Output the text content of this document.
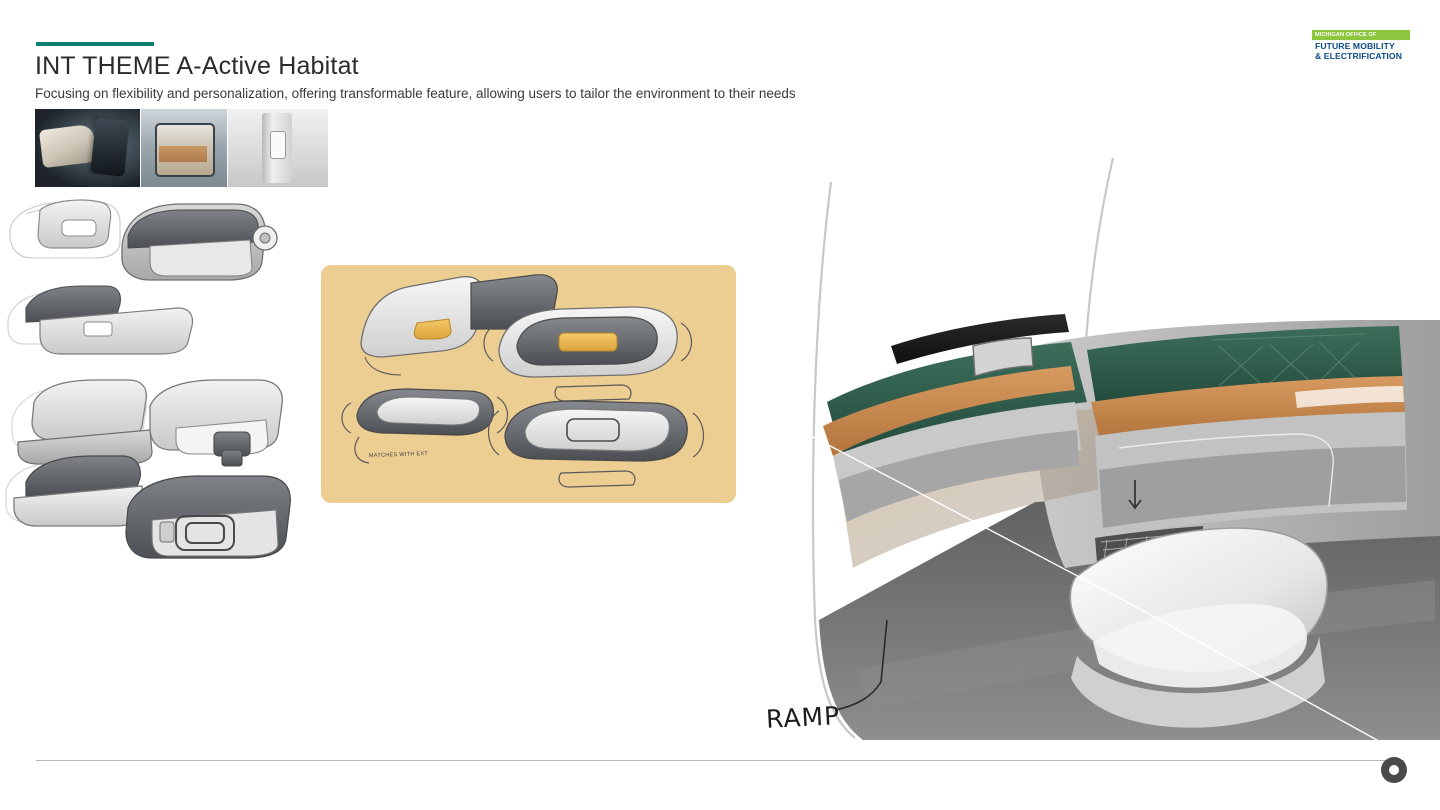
INT THEME A-Active Habitat
Focusing on flexibility and personalization, offering transformable feature, allowing users to tailor the environment to their needs
MICHIGAN OFFICE OF
FUTURE MOBILITY
& ELECTRIFICATION
MATCHES WITH EXT
RAMP
